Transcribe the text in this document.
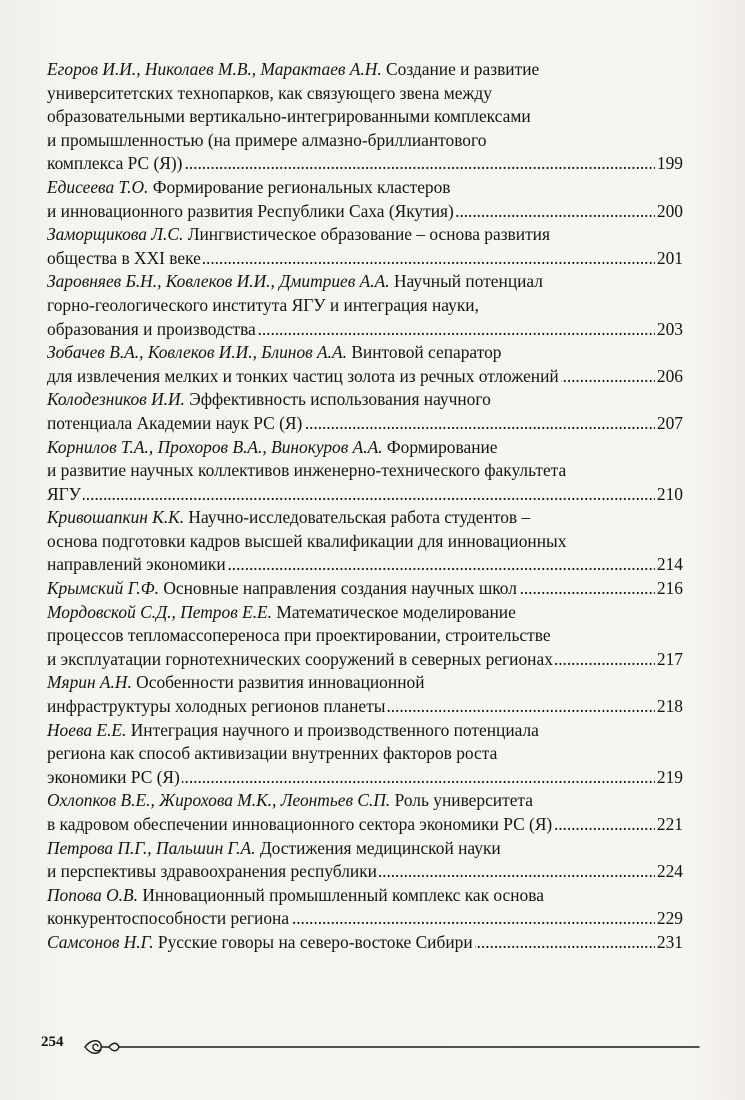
Егоров И.И., Николаев М.В., Марактаев А.Н. Создание и развитие
университетских технопарков, как связующего звена между
образовательными вертикально-интегрированными комплексами
и промышленностью (на примере алмазно-бриллиантового
комплекса РС (Я)) . . .	199
Едисеева Т.О. Формирование региональных кластеров
и инновационного развития Республики Саха (Якутия) . . .	200
Заморщикова Л.С. Лингвистическое образование – основа развития
общества в XXI веке . . .	201
Заровняев Б.Н., Ковлеков И.И., Дмитриев А.А. Научный потенциал
горно-геологического института ЯГУ и интеграция науки,
образования и производства . . .	203
Зобачев В.А., Ковлеков И.И., Блинов А.А. Винтовой сепаратор
для извлечения мелких и тонких частиц золота из речных отложений . . .	206
Колодезников И.И. Эффективность использования научного
потенциала Академии наук РС (Я) . . .	207
Корнилов Т.А., Прохоров В.А., Винокуров А.А. Формирование
и развитие научных коллективов инженерно-технического факультета
ЯГУ . . .	210
Кривошапкин К.К. Научно-исследовательская работа студентов –
основа подготовки кадров высшей квалификации для инновационных
направлений экономики . . .	214
Крымский Г.Ф. Основные направления создания научных школ . . .	216
Мордовской С.Д., Петров Е.Е. Математическое моделирование
процессов тепломассопереноса при проектировании, строительстве
и эксплуатации горнотехнических сооружений в северных регионах . . .	217
Мярин А.Н. Особенности развития инновационной
инфраструктуры холодных регионов планеты . . .	218
Ноева Е.Е. Интеграция научного и производственного потенциала
региона как способ активизации внутренних факторов роста
экономики РС (Я) . . .	219
Охлопков В.Е., Жирохова М.К., Леонтьев С.П. Роль университета
в кадровом обеспечении инновационного сектора экономики РС (Я) . . .	221
Петрова П.Г., Пальшин Г.А. Достижения медицинской науки
и перспективы здравоохранения республики . . .	224
Попова О.В. Инновационный промышленный комплекс как основа
конкурентоспособности региона . . .	229
Самсонов Н.Г. Русские говоры на северо-востоке Сибири . . .	231
254
